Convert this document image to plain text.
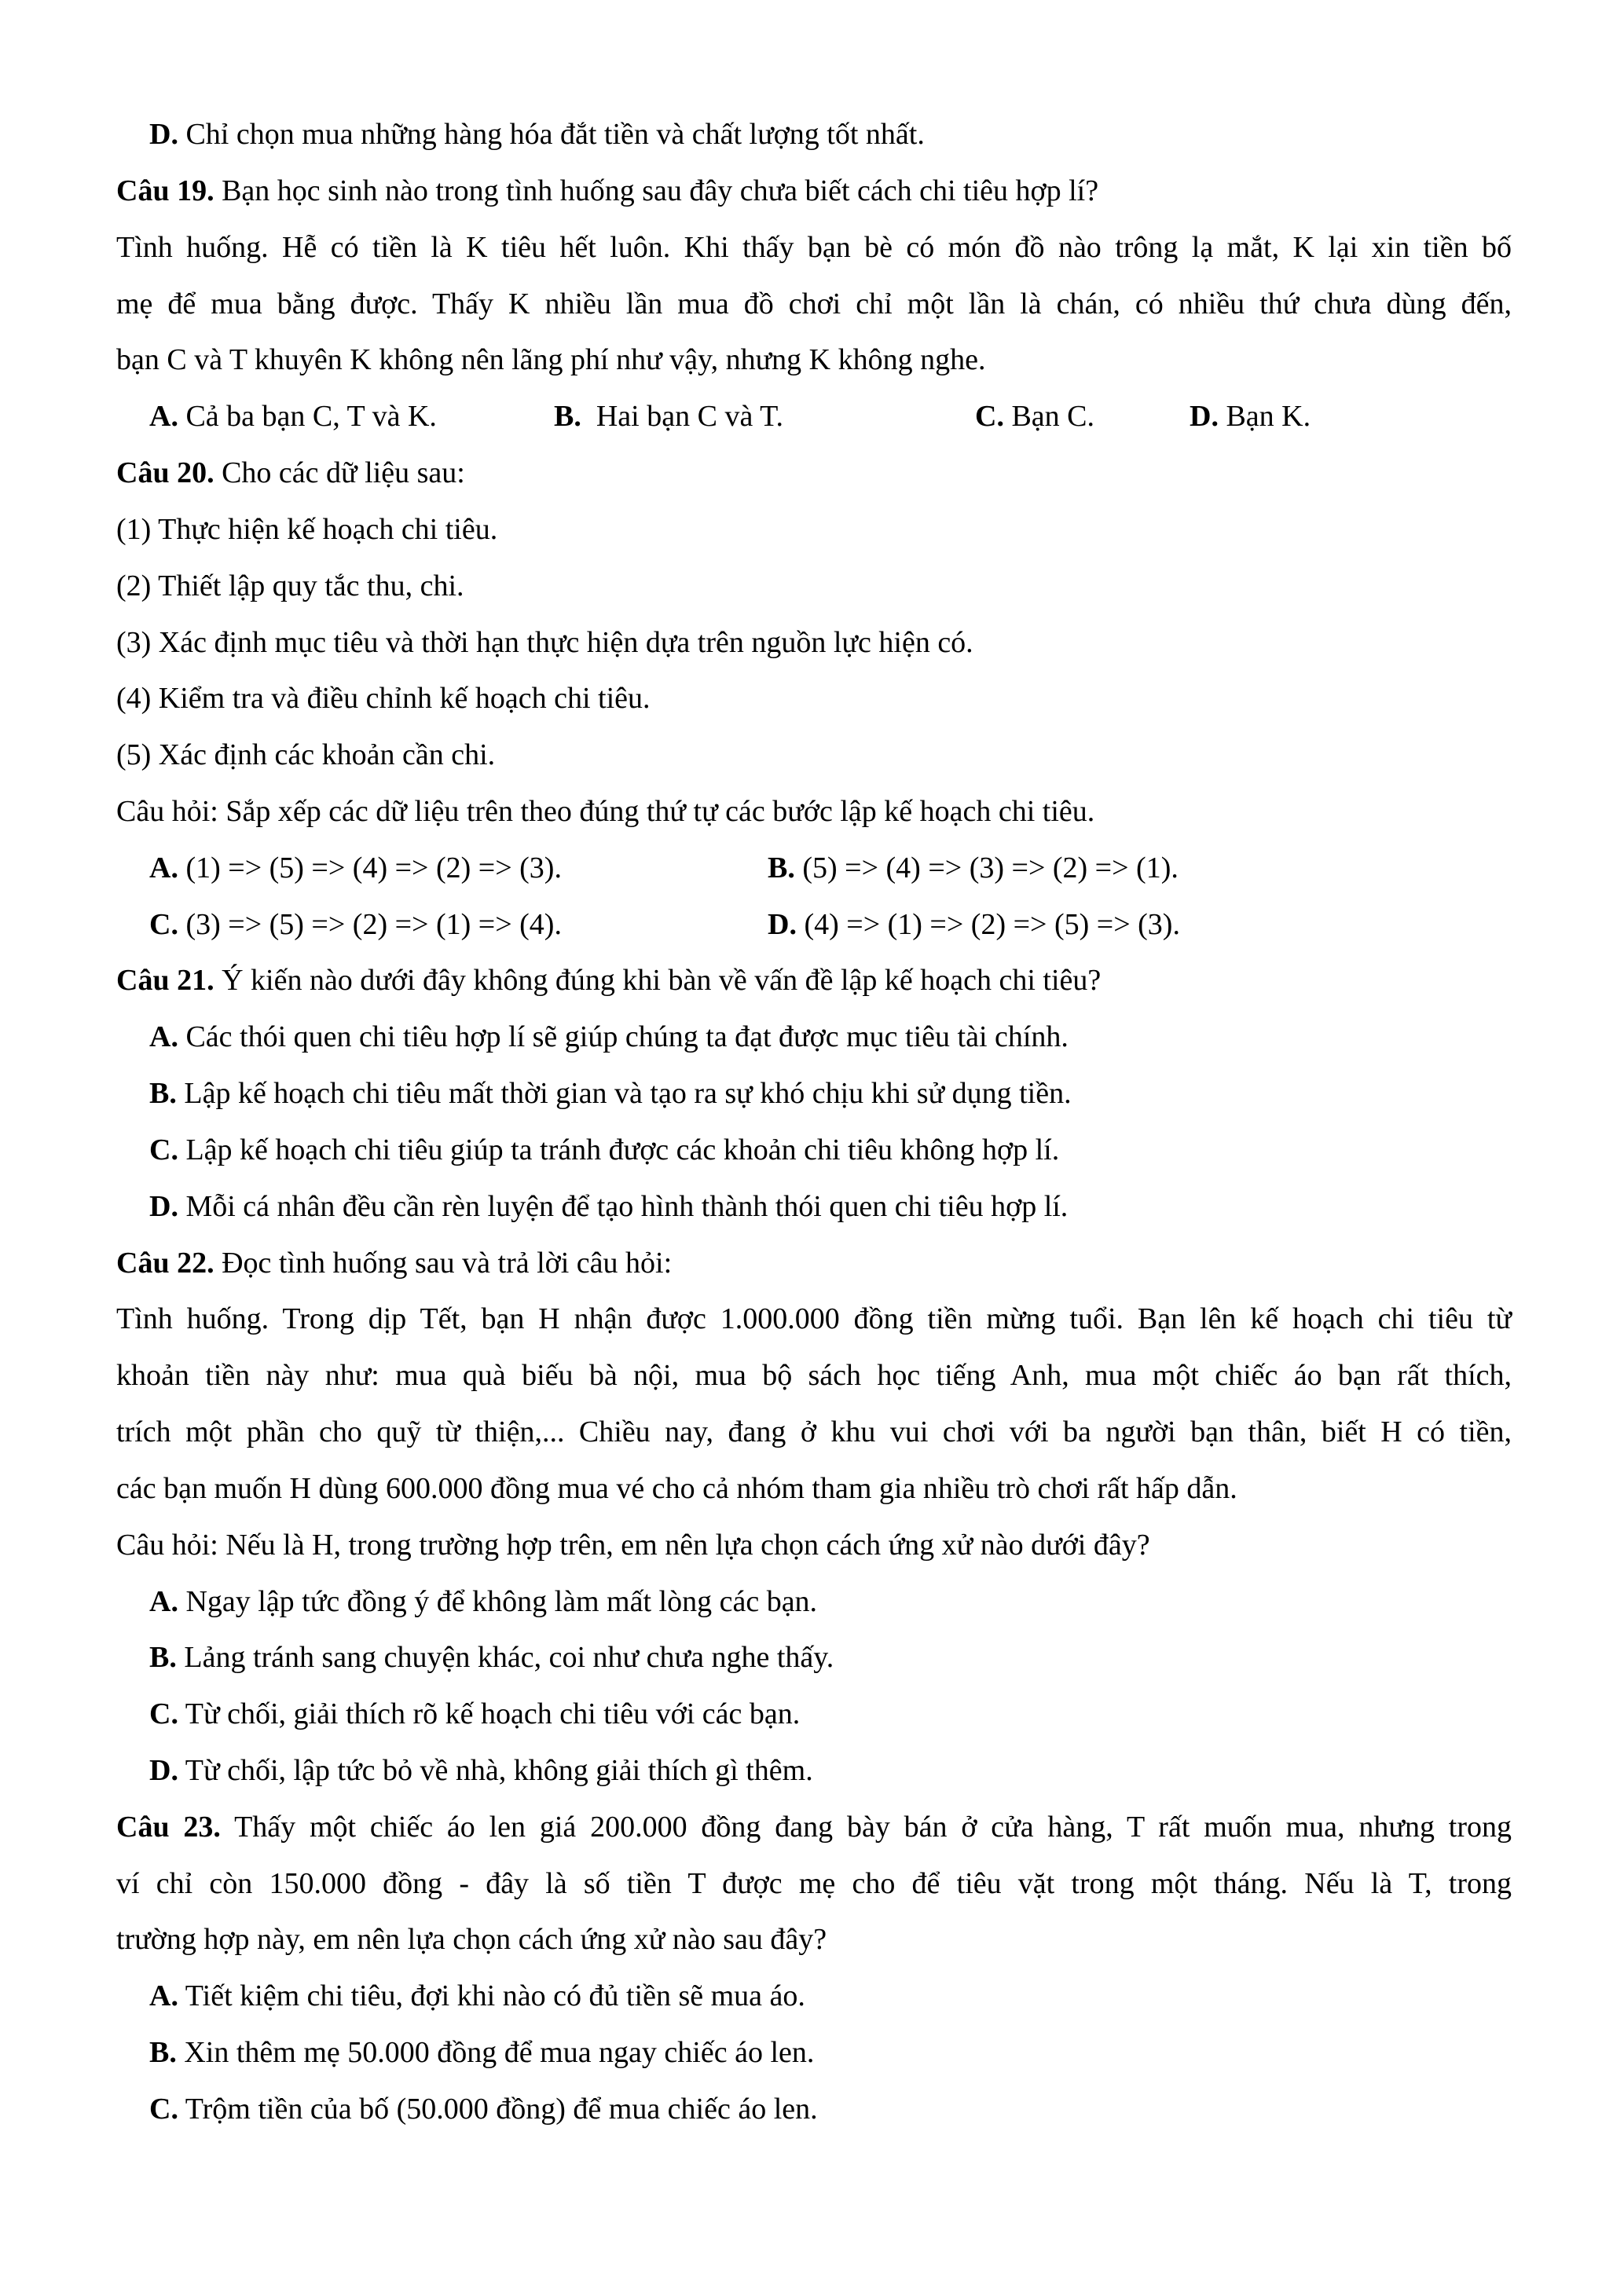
D. Chỉ chọn mua những hàng hóa đắt tiền và chất lượng tốt nhất.
Câu 19. Bạn học sinh nào trong tình huống sau đây chưa biết cách chi tiêu hợp lí?
Tình huống. Hễ có tiền là K tiêu hết luôn. Khi thấy bạn bè có món đồ nào trông lạ mắt, K lại xin tiền bố
mẹ để mua bằng được. Thấy K nhiều lần mua đồ chơi chỉ một lần là chán, có nhiều thứ chưa dùng đến,
bạn C và T khuyên K không nên lãng phí như vậy, nhưng K không nghe.
A. Cả ba bạn C, T và K.	B. Hai bạn C và T.	C. Bạn C.	D. Bạn K.
Câu 20. Cho các dữ liệu sau:
(1) Thực hiện kế hoạch chi tiêu.
(2) Thiết lập quy tắc thu, chi.
(3) Xác định mục tiêu và thời hạn thực hiện dựa trên nguồn lực hiện có.
(4) Kiểm tra và điều chỉnh kế hoạch chi tiêu.
(5) Xác định các khoản cần chi.
Câu hỏi: Sắp xếp các dữ liệu trên theo đúng thứ tự các bước lập kế hoạch chi tiêu.
A. (1) => (5) => (4) => (2) => (3).	B. (5) => (4) => (3) => (2) => (1).
C. (3) => (5) => (2) => (1) => (4).	D. (4) => (1) => (2) => (5) => (3).
Câu 21. Ý kiến nào dưới đây không đúng khi bàn về vấn đề lập kế hoạch chi tiêu?
A. Các thói quen chi tiêu hợp lí sẽ giúp chúng ta đạt được mục tiêu tài chính.
B. Lập kế hoạch chi tiêu mất thời gian và tạo ra sự khó chịu khi sử dụng tiền.
C. Lập kế hoạch chi tiêu giúp ta tránh được các khoản chi tiêu không hợp lí.
D. Mỗi cá nhân đều cần rèn luyện để tạo hình thành thói quen chi tiêu hợp lí.
Câu 22. Đọc tình huống sau và trả lời câu hỏi:
Tình huống. Trong dịp Tết, bạn H nhận được 1.000.000 đồng tiền mừng tuổi. Bạn lên kế hoạch chi tiêu từ
khoản tiền này như: mua quà biếu bà nội, mua bộ sách học tiếng Anh, mua một chiếc áo bạn rất thích,
trích một phần cho quỹ từ thiện,... Chiều nay, đang ở khu vui chơi với ba người bạn thân, biết H có tiền,
các bạn muốn H dùng 600.000 đồng mua vé cho cả nhóm tham gia nhiều trò chơi rất hấp dẫn.
Câu hỏi: Nếu là H, trong trường hợp trên, em nên lựa chọn cách ứng xử nào dưới đây?
A. Ngay lập tức đồng ý để không làm mất lòng các bạn.
B. Lảng tránh sang chuyện khác, coi như chưa nghe thấy.
C. Từ chối, giải thích rõ kế hoạch chi tiêu với các bạn.
D. Từ chối, lập tức bỏ về nhà, không giải thích gì thêm.
Câu 23. Thấy một chiếc áo len giá 200.000 đồng đang bày bán ở cửa hàng, T rất muốn mua, nhưng trong
ví chỉ còn 150.000 đồng - đây là số tiền T được mẹ cho để tiêu vặt trong một tháng. Nếu là T, trong
trường hợp này, em nên lựa chọn cách ứng xử nào sau đây?
A. Tiết kiệm chi tiêu, đợi khi nào có đủ tiền sẽ mua áo.
B. Xin thêm mẹ 50.000 đồng để mua ngay chiếc áo len.
C. Trộm tiền của bố (50.000 đồng) để mua chiếc áo len.
